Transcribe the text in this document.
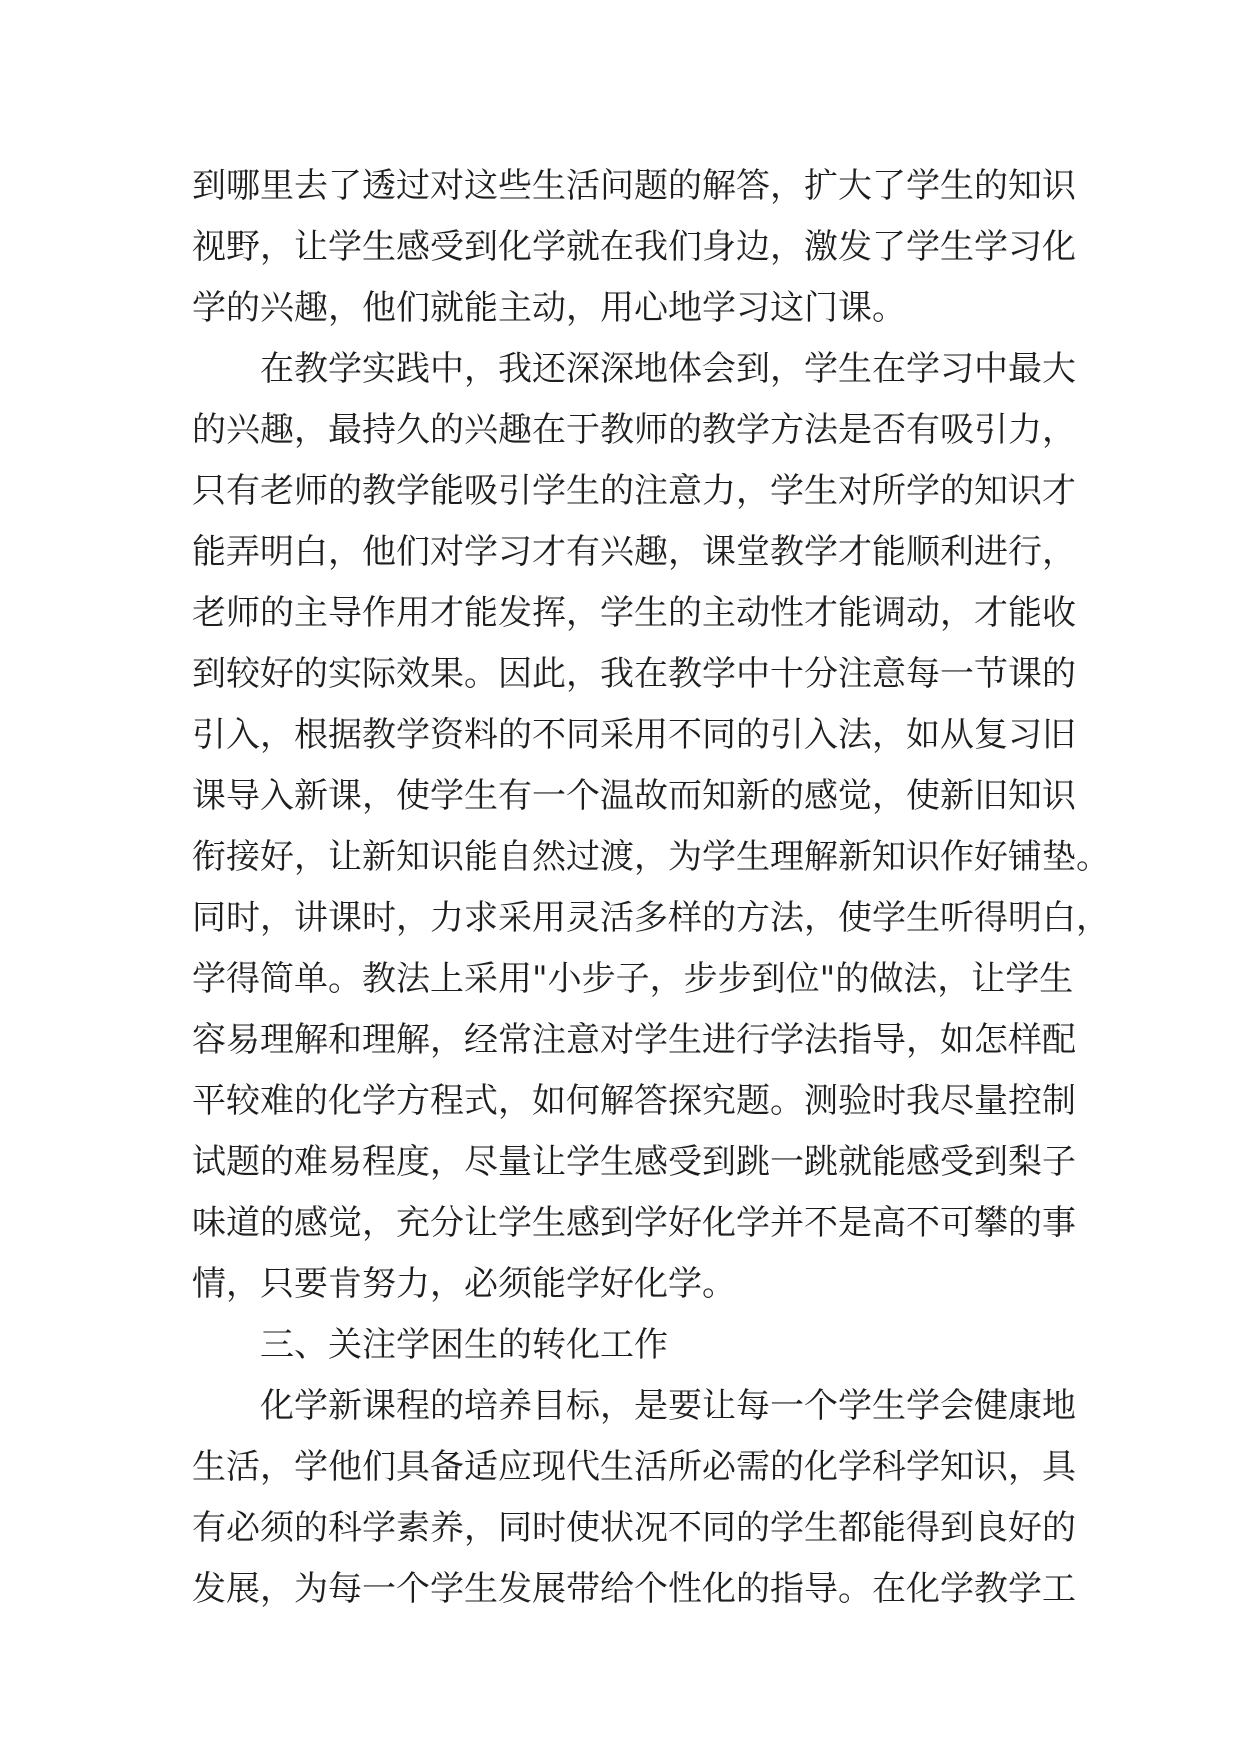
到哪里去了透过对这些生活问题的解答，扩大了学生的知识
视野，让学生感受到化学就在我们身边，激发了学生学习化
学的兴趣，他们就能主动，用心地学习这门课。
在教学实践中，我还深深地体会到，学生在学习中最大
的兴趣，最持久的兴趣在于教师的教学方法是否有吸引力，
只有老师的教学能吸引学生的注意力，学生对所学的知识才
能弄明白，他们对学习才有兴趣，课堂教学才能顺利进行，
老师的主导作用才能发挥，学生的主动性才能调动，才能收
到较好的实际效果。因此，我在教学中十分注意每一节课的
引入，根据教学资料的不同采用不同的引入法，如从复习旧
课导入新课，使学生有一个温故而知新的感觉，使新旧知识
衔接好，让新知识能自然过渡，为学生理解新知识作好铺垫。
同时，讲课时，力求采用灵活多样的方法，使学生听得明白，
学得简单。教法上采用"小步子，步步到位"的做法，让学生
容易理解和理解，经常注意对学生进行学法指导，如怎样配
平较难的化学方程式，如何解答探究题。测验时我尽量控制
试题的难易程度，尽量让学生感受到跳一跳就能感受到梨子
味道的感觉，充分让学生感到学好化学并不是高不可攀的事
情，只要肯努力，必须能学好化学。
三、关注学困生的转化工作
化学新课程的培养目标，是要让每一个学生学会健康地
生活，学他们具备适应现代生活所必需的化学科学知识，具
有必须的科学素养，同时使状况不同的学生都能得到良好的
发展，为每一个学生发展带给个性化的指导。在化学教学工
